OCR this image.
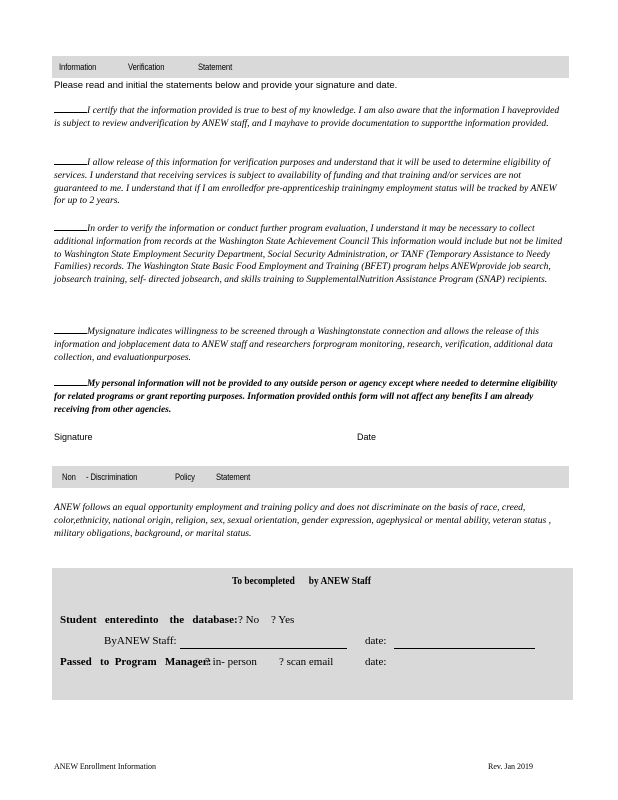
Information	Verification	Statement
Please read and initial the statements below and provide your signature and date.
I certify that the information provided is true to best of my knowledge. I am also aware that the information I haveprovided is subject to review andverification by ANEW staff, and I mayhave to provide documentation to supportthe information provided.
I allow release of this information for verification purposes and understand that it will be used to determine eligibility of services. I understand that receiving services is subject to availability of funding and that training and/or services are not guaranteed to me. I understand that if I am enrolledfor pre-apprenticeship trainingmy employment status will be tracked by ANEW for up to 2 years.
In order to verify the information or conduct further program evaluation, I understand it may be necessary to collect additional information from records at the Washington State Achievement Council This information would include but not be limited to Washington State Employment Security Department, Social Security Administration, or TANF (Temporary Assistance to Needy Families) records. The Washington State Basic Food Employment and Training (BFET) program helps ANEWprovide job search, jobsearch training, self- directed jobsearch, and skills training to SupplementalNutrition Assistance Program (SNAP) recipients.
Mysignature indicates willingness to be screened through a Washingtonstate connection and allows the release of this information and jobplacement data to ANEW staff and researchers forprogram monitoring, research, verification, additional data collection, and evaluationpurposes.
My personal information will not be provided to any outside person or agency except where needed to determine eligibility for related programs or grant reporting purposes. Information provided onthis form will not affect any benefits I am already receiving from other agencies.
Signature	Date
Non - Discrimination	Policy Statement
ANEW follows an equal opportunity employment and training policy and does not discriminate on the basis of race, creed, color,ethnicity, national origin, religion, sex, sexual orientation, gender expression, agephysical or mental ability, veteran status , military obligations, background, or marital status.
To becompleted by ANEW Staff
Student   enteredinto    the   database: ? No ? Yes
ByANEW Staff:	date:
Passed   to  Program   Manager:
? in- person ? scan email	date:
ANEW Enrollment Information	Rev. Jan 2019
